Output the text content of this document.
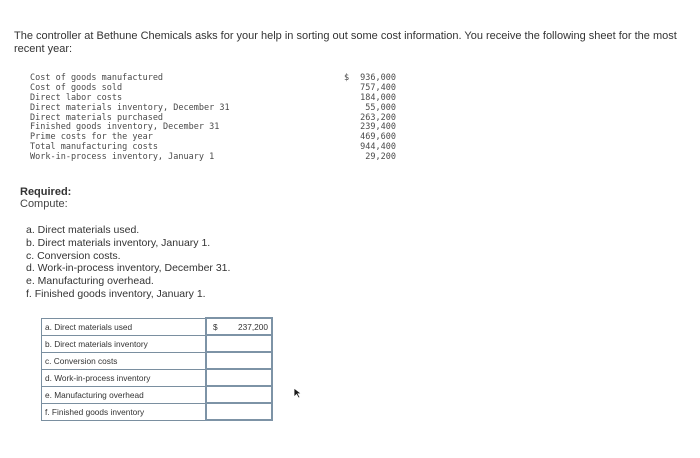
The controller at Bethune Chemicals asks for your help in sorting out some cost information. You receive the following sheet for the most recent year:
Cost of goods manufactured	$ 936,000
Cost of goods sold	757,400
Direct labor costs	184,000
Direct materials inventory, December 31	55,000
Direct materials purchased	263,200
Finished goods inventory, December 31	239,400
Prime costs for the year	469,600
Total manufacturing costs	944,400
Work-in-process inventory, January 1	29,200
Required:
Compute:
a. Direct materials used.
b. Direct materials inventory, January 1.
c. Conversion costs.
d. Work-in-process inventory, December 31.
e. Manufacturing overhead.
f. Finished goods inventory, January 1.
a. Direct materials used	$ 237,200

b. Direct materials inventory	

c. Conversion costs	

d. Work-in-process inventory	

e. Manufacturing overhead	

f. Finished goods inventory	
